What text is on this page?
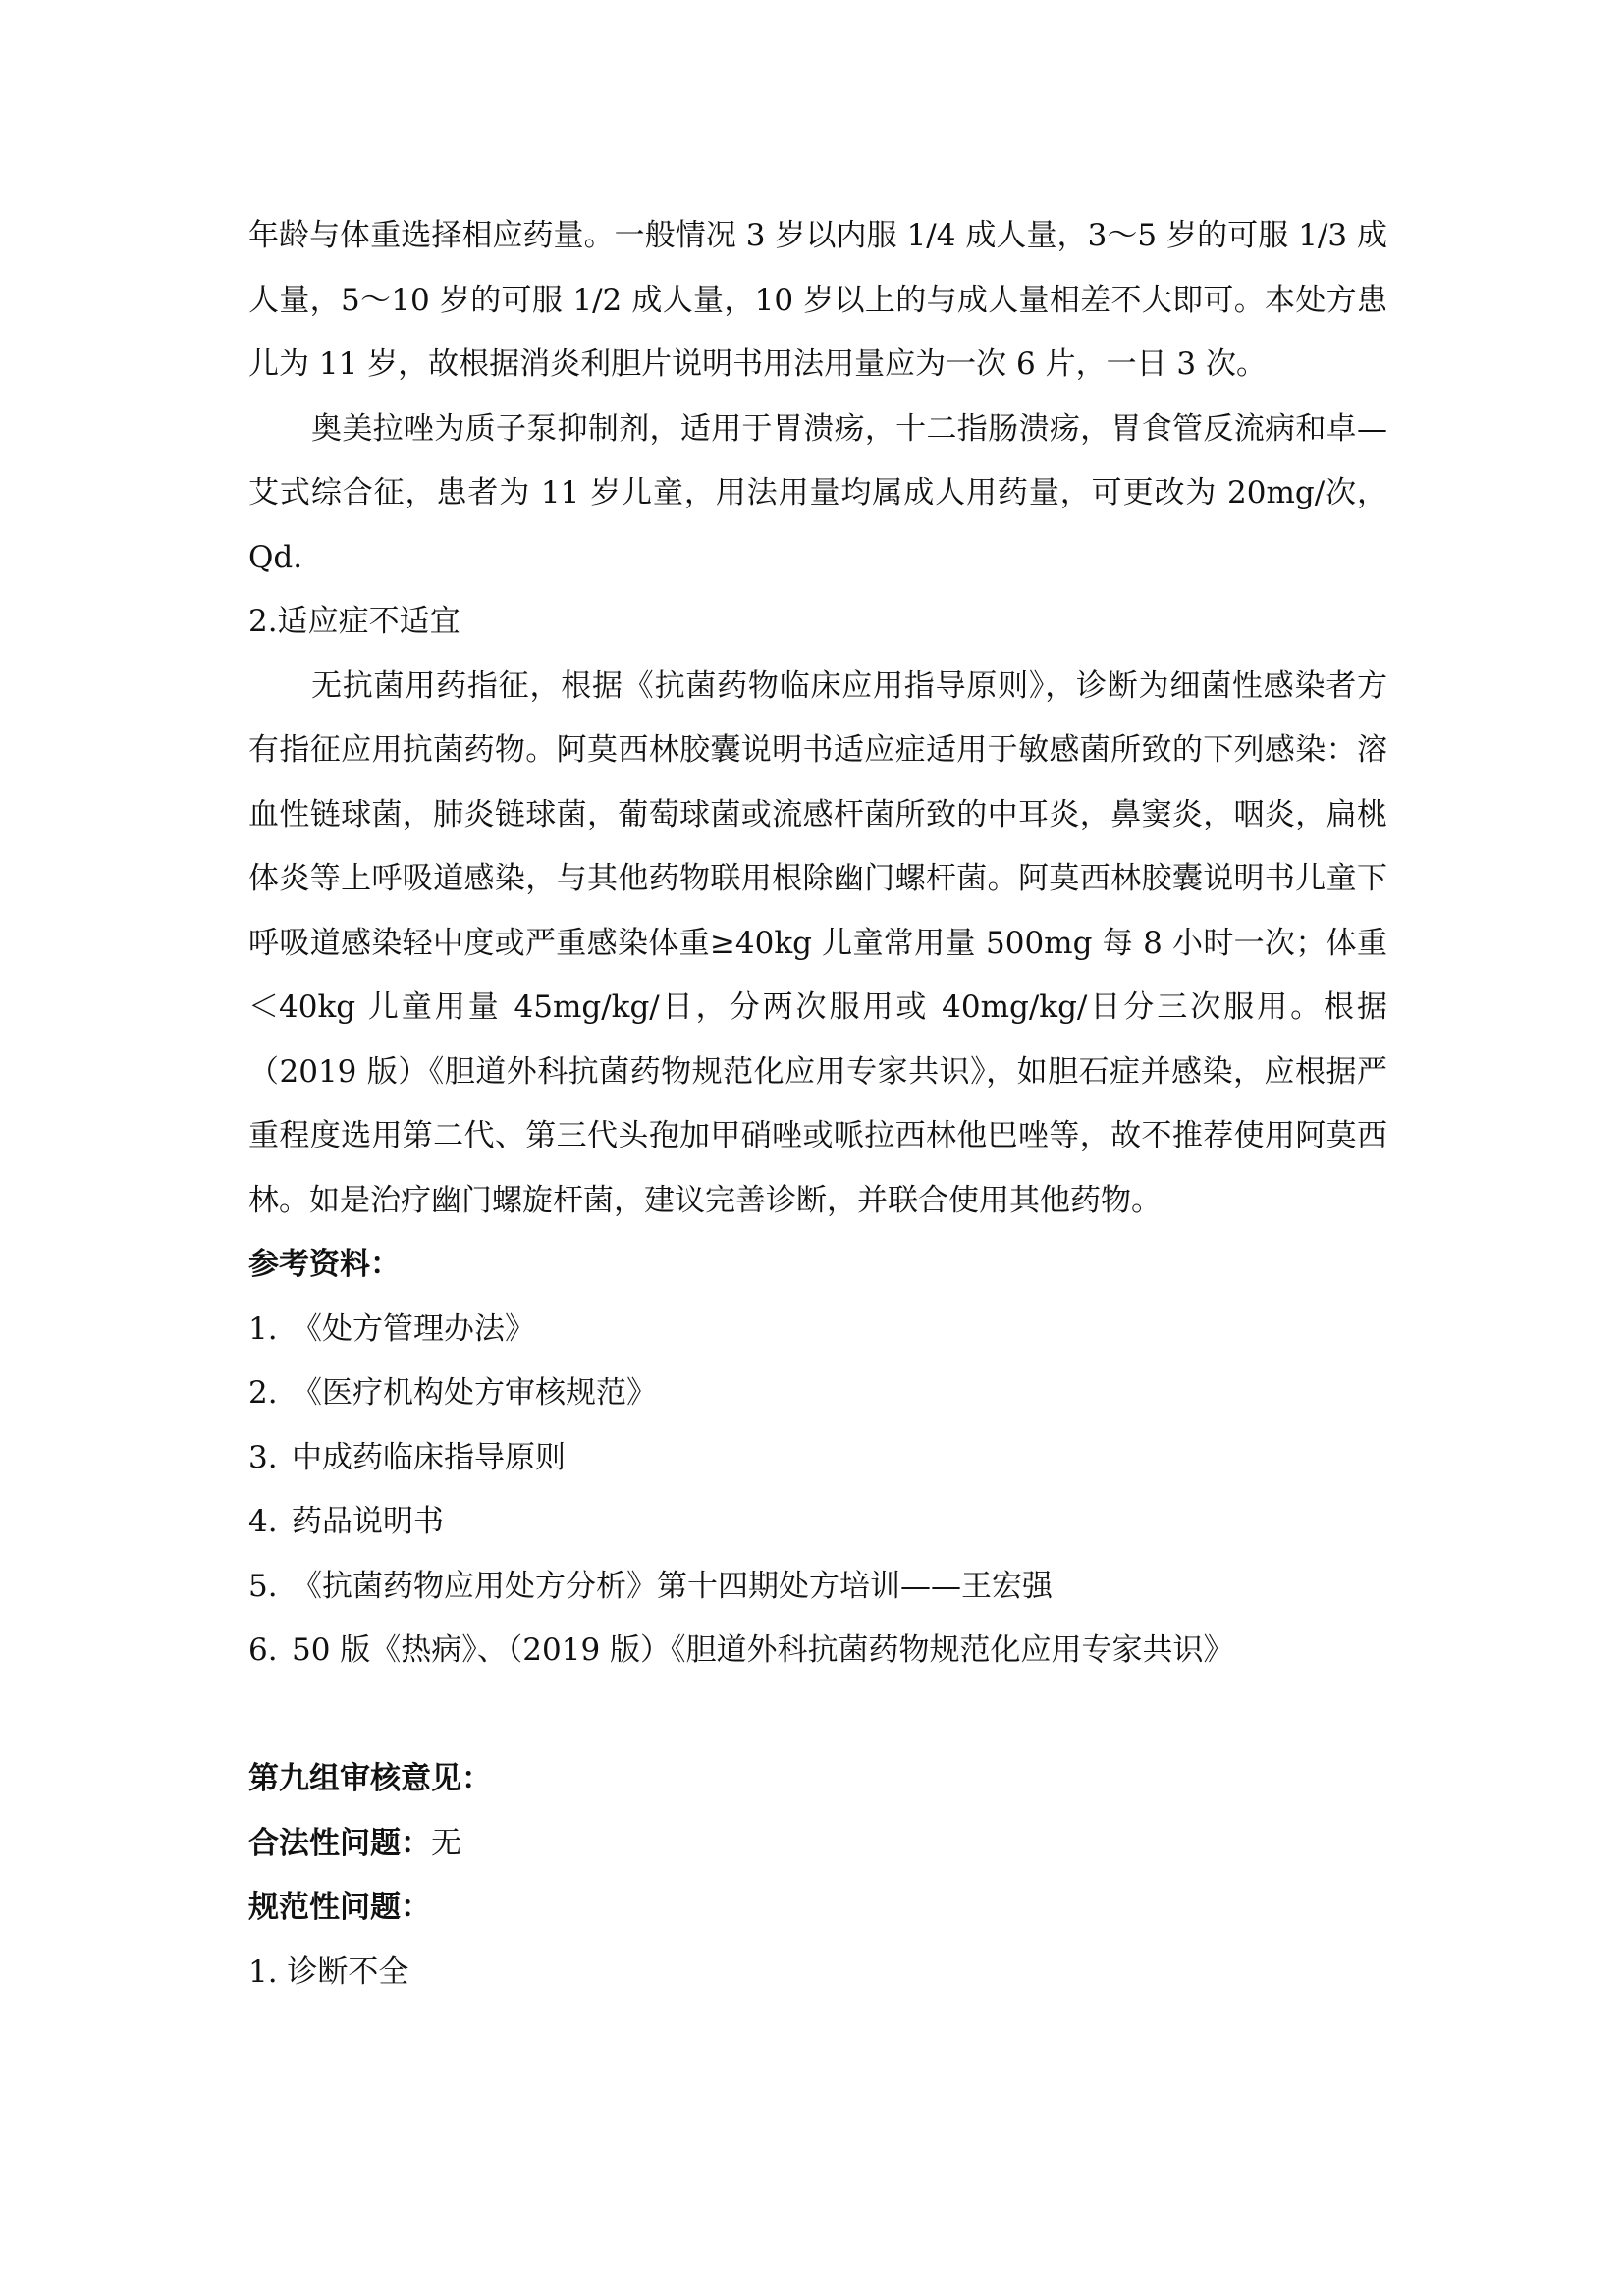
年龄与体重选择相应药量。一般情况 3 岁以内服 1/4 成人量，3～5 岁的可服 1/3 成人量，5～10 岁的可服 1/2 成人量，10 岁以上的与成人量相差不大即可。本处方患儿为 11 岁，故根据消炎利胆片说明书用法用量应为一次 6 片，一日 3 次。

奥美拉唑为质子泵抑制剂，适用于胃溃疡，十二指肠溃疡，胃食管反流病和卓—艾式综合征，患者为 11 岁儿童，用法用量均属成人用药量，可更改为 20mg/次，Qd.

2.适应症不适宜

无抗菌用药指征，根据《抗菌药物临床应用指导原则》，诊断为细菌性感染者方有指征应用抗菌药物。阿莫西林胶囊说明书适应症适用于敏感菌所致的下列感染：溶血性链球菌，肺炎链球菌，葡萄球菌或流感杆菌所致的中耳炎，鼻窦炎，咽炎，扁桃体炎等上呼吸道感染，与其他药物联用根除幽门螺杆菌。阿莫西林胶囊说明书儿童下呼吸道感染轻中度或严重感染体重≥40kg 儿童常用量 500mg 每 8 小时一次；体重＜40kg 儿童用量 45mg/kg/日，分两次服用或 40mg/kg/日分三次服用。根据（2019 版）《胆道外科抗菌药物规范化应用专家共识》，如胆石症并感染，应根据严重程度选用第二代、第三代头孢加甲硝唑或哌拉西林他巴唑等，故不推荐使用阿莫西林。如是治疗幽门螺旋杆菌，建议完善诊断，并联合使用其他药物。

参考资料：

1. 《处方管理办法》
2. 《医疗机构处方审核规范》
3. 中成药临床指导原则
4. 药品说明书
5. 《抗菌药物应用处方分析》第十四期处方培训——王宏强
6. 50 版《热病》、（2019 版）《胆道外科抗菌药物规范化应用专家共识》

第九组审核意见：

合法性问题：无

规范性问题：

1. 诊断不全
